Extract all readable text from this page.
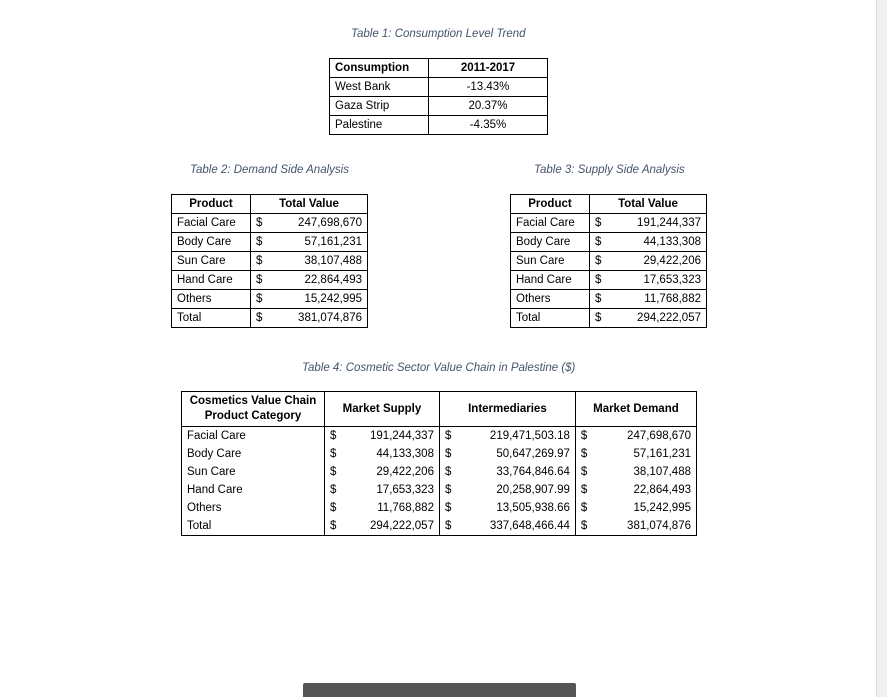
Table 1: Consumption Level Trend
Consumption	2011-2017
West Bank	-13.43%
Gaza Strip	20.37%
Palestine	-4.35%
Table 2: Demand Side Analysis
Product	Total Value	
Facial Care	$	247,698,670
Body Care	$	57,161,231
Sun Care	$	38,107,488
Hand Care	$	22,864,493
Others	$	15,242,995
Total	$	381,074,876
Table 3: Supply Side Analysis
Product	Total Value	
Facial Care	$	191,244,337
Body Care	$	44,133,308
Sun Care	$	29,422,206
Hand Care	$	17,653,323
Others	$	11,768,882
Total	$	294,222,057
Table 4: Cosmetic Sector Value Chain in Palestine ($)
Cosmetics Value Chain Product Category	Market Supply		Intermediaries		Market Demand	
Facial Care	$	191,244,337	$	219,471,503.18	$	247,698,670
Body Care	$	44,133,308	$	50,647,269.97	$	57,161,231
Sun Care	$	29,422,206	$	33,764,846.64	$	38,107,488
Hand Care	$	17,653,323	$	20,258,907.99	$	22,864,493
Others	$	11,768,882	$	13,505,938.66	$	15,242,995
Total	$	294,222,057	$	337,648,466.44	$	381,074,876
